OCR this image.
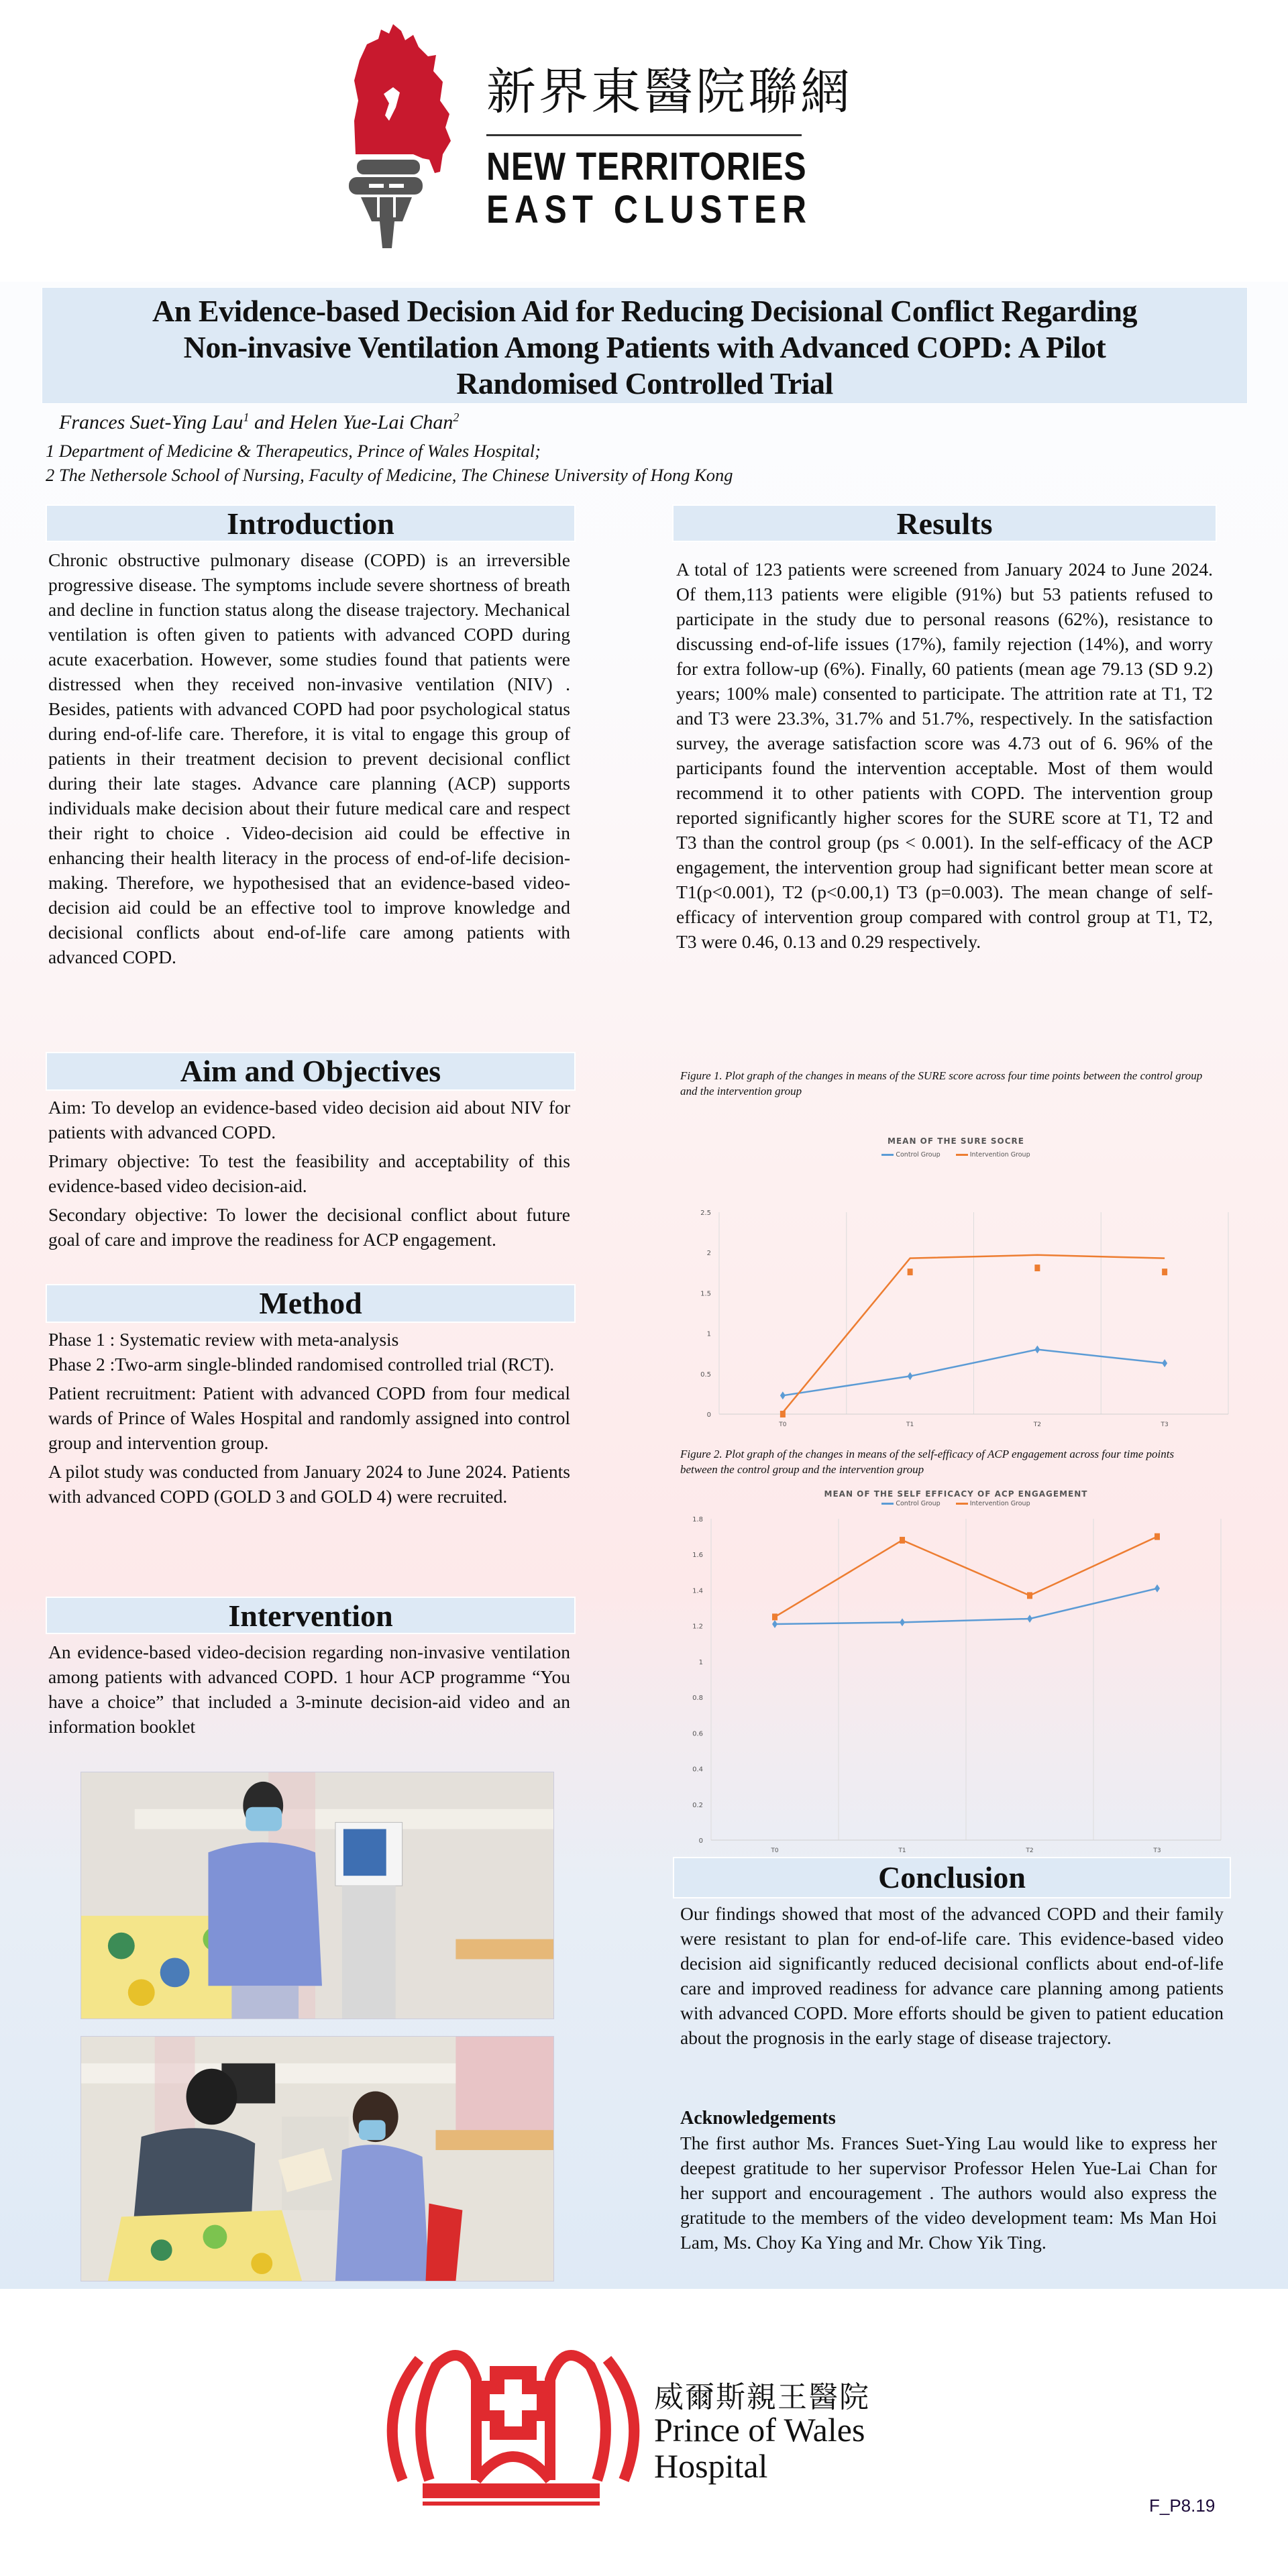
新界東醫院聯網
NEW TERRITORIES
EAST CLUSTER
An Evidence-based Decision Aid for Reducing Decisional Conflict Regarding
Non-invasive Ventilation Among Patients with Advanced COPD: A Pilot
Randomised Controlled Trial
Frances Suet-Ying Lau$^1$ and Helen Yue-Lai Chan$^2$
1 Department of Medicine & Therapeutics, Prince of Wales Hospital;
2 The Nethersole School of Nursing, Faculty of Medicine, The Chinese University of Hong Kong
Introduction

Chronic obstructive pulmonary disease (COPD) is an irreversible progressive disease. The symptoms include severe shortness of breath and decline in function status along the disease trajectory. Mechanical ventilation is often given to patients with advanced COPD during acute exacerbation. However, some studies found that patients were distressed when they received non-invasive ventilation (NIV) . Besides, patients with advanced COPD had poor psychological status during end-of-life care. Therefore, it is vital to engage this group of patients in their treatment decision to prevent decisional conflict during their late stages. Advance care planning (ACP) supports individuals make decision about their future medical care and respect their right to choice . Video-decision aid could be effective in enhancing their health literacy in the process of end-of-life decision-making. Therefore, we hypothesised that an evidence-based video-decision aid could be an effective tool to improve knowledge and decisional conflicts about end-of-life care among patients with advanced COPD.

Aim and Objectives

Aim: To develop an evidence-based video decision aid about NIV for patients with advanced COPD.

Primary objective: To test the feasibility and acceptability of this evidence-based video decision-aid.

Secondary objective: To lower the decisional conflict about future goal of care and improve the readiness for ACP engagement.

Method
Phase 1 : Systematic review with meta-analysis

Phase 2 :Two-arm single-blinded randomised controlled trial (RCT).

Patient recruitment: Patient with advanced COPD from four medical wards of Prince of Wales Hospital and randomly assigned into control group and intervention group.

A pilot study was conducted from January 2024 to June 2024. Patients with advanced COPD (GOLD 3 and GOLD 4) were recruited.

Intervention

An evidence-based video-decision regarding non-invasive ventilation among patients with advanced COPD. 1 hour ACP programme “You have a choice” that included a 3-minute decision-aid video and an information booklet

Results

A total of 123 patients were screened from January 2024 to June 2024. Of them,113 patients were eligible (91%) but 53 patients refused to participate in the study due to personal reasons (62%), resistance to discussing end-of-life issues (17%), family rejection (14%), and worry for extra follow-up (6%). Finally, 60 patients (mean age 79.13 (SD 9.2) years; 100% male) consented to participate. The attrition rate at T1, T2 and T3 were 23.3%, 31.7% and 51.7%, respectively. In the satisfaction survey, the average satisfaction score was 4.73 out of 6. 96% of the participants found the intervention acceptable. Most of them would recommend it to other patients with COPD. The intervention group reported significantly higher scores for the SURE score at T1, T2 and T3 than the control group (ps < 0.001). In the self-efficacy of the ACP engagement, the intervention group had significant better mean score at T1(p<0.001), T2 (p<0.00,1) T3 (p=0.003). The mean change of self-efficacy of intervention group compared with control group at T1, T2, T3 were 0.46, 0.13 and 0.29 respectively.

Figure 1. Plot graph of the changes in means of the SURE score across four time points between the control group and the intervention group
MEAN OF THE SURE SOCRE
Control Group	Intervention Group
0
0.5
1
1.5
2
2.5
T0	T1	T2	T3
Figure 2. Plot graph of the changes in means of the self-efficacy of ACP engagement across four time points between the control group and the intervention group
MEAN OF THE SELF EFFICACY OF ACP ENGAGEMENT
Control Group	Intervention Group
0
0.2
0.4
0.6
0.8
1
1.2
1.4
1.6
1.8
T0	T1	T2	T3
Conclusion

Our findings showed that most of the advanced COPD and their family were resistant to plan for end-of-life care. This evidence-based video decision aid significantly reduced decisional conflicts about end-of-life care and improved readiness for advance care planning among patients with advanced COPD. More efforts should be given to patient education about the prognosis in the early stage of disease trajectory.

Acknowledgements

The first author Ms. Frances Suet-Ying Lau would like to express her deepest gratitude to her supervisor Professor Helen Yue-Lai Chan for her support and encouragement . The authors would also express the gratitude to the members of the video development team: Ms Man Hoi Lam, Ms. Choy Ka Ying and Mr. Chow Yik Ting.

威爾斯親王醫院
Prince of Wales
Hospital
F_P8.19
